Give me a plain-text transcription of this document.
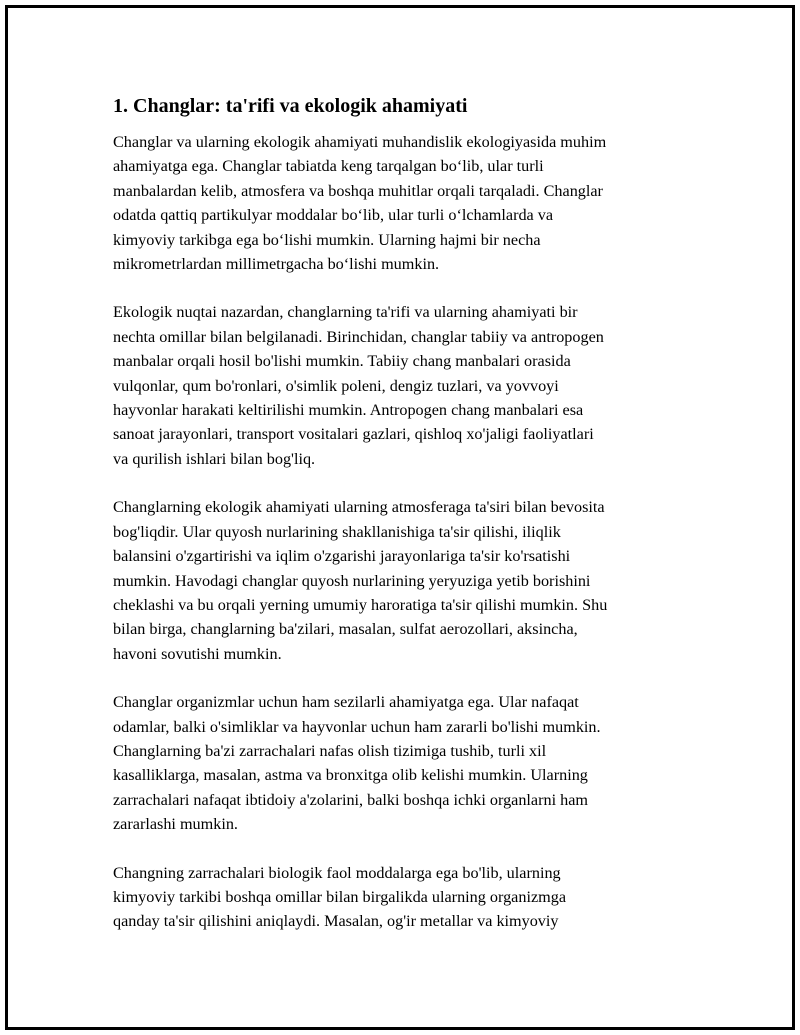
1. Changlar: ta'rifi va ekologik ahamiyati
Changlar va ularning ekologik ahamiyati muhandislik ekologiyasida muhim
ahamiyatga ega. Changlar tabiatda keng tarqalgan bo‘lib, ular turli
manbalardan kelib, atmosfera va boshqa muhitlar orqali tarqaladi. Changlar
odatda qattiq partikulyar moddalar bo‘lib, ular turli o‘lchamlarda va
kimyoviy tarkibga ega bo‘lishi mumkin. Ularning hajmi bir necha
mikrometrlardan millimetrgacha bo‘lishi mumkin.
Ekologik nuqtai nazardan, changlarning ta'rifi va ularning ahamiyati bir
nechta omillar bilan belgilanadi. Birinchidan, changlar tabiiy va antropogen
manbalar orqali hosil bo'lishi mumkin. Tabiiy chang manbalari orasida
vulqonlar, qum bo'ronlari, o'simlik poleni, dengiz tuzlari, va yovvoyi
hayvonlar harakati keltirilishi mumkin. Antropogen chang manbalari esa
sanoat jarayonlari, transport vositalari gazlari, qishloq xo'jaligi faoliyatlari
va qurilish ishlari bilan bog'liq.
Changlarning ekologik ahamiyati ularning atmosferaga ta'siri bilan bevosita
bog'liqdir. Ular quyosh nurlarining shakllanishiga ta'sir qilishi, iliqlik
balansini o'zgartirishi va iqlim o'zgarishi jarayonlariga ta'sir ko'rsatishi
mumkin. Havodagi changlar quyosh nurlarining yeryuziga yetib borishini
cheklashi va bu orqali yerning umumiy haroratiga ta'sir qilishi mumkin. Shu
bilan birga, changlarning ba'zilari, masalan, sulfat aerozollari, aksincha,
havoni sovutishi mumkin.
Changlar organizmlar uchun ham sezilarli ahamiyatga ega. Ular nafaqat
odamlar, balki o'simliklar va hayvonlar uchun ham zararli bo'lishi mumkin.
Changlarning ba'zi zarrachalari nafas olish tizimiga tushib, turli xil
kasalliklarga, masalan, astma va bronxitga olib kelishi mumkin. Ularning
zarrachalari nafaqat ibtidoiy a'zolarini, balki boshqa ichki organlarni ham
zararlashi mumkin.
Changning zarrachalari biologik faol moddalarga ega bo'lib, ularning
kimyoviy tarkibi boshqa omillar bilan birgalikda ularning organizmga
qanday ta'sir qilishini aniqlaydi. Masalan, og'ir metallar va kimyoviy
